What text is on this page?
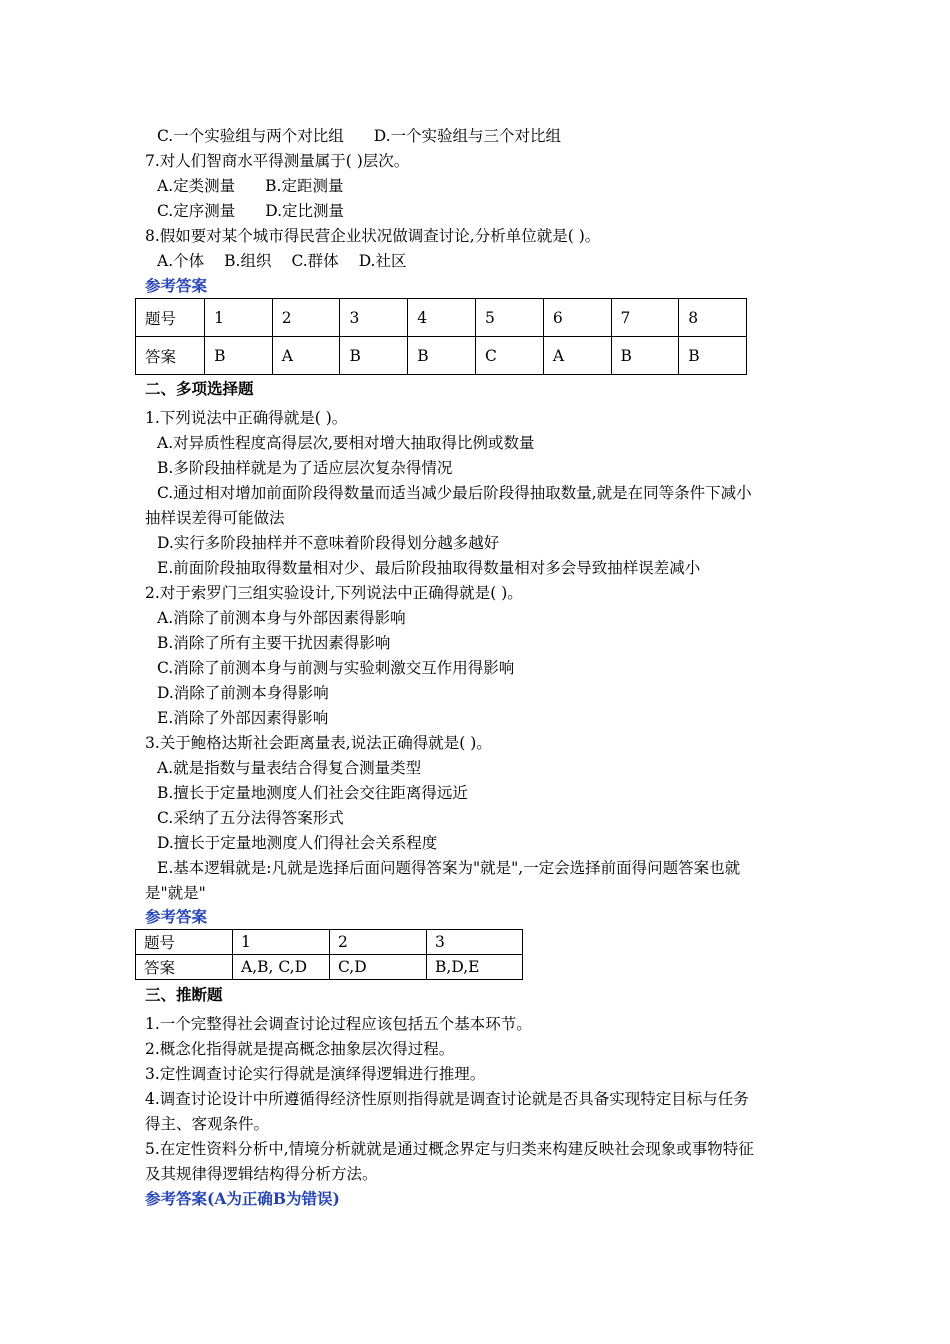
C.一个实验组与两个对比组 D.一个实验组与三个对比组
7.对人们智商水平得测量属于( )层次。
A.定类测量 B.定距测量
C.定序测量 D.定比测量
8.假如要对某个城市得民营企业状况做调查讨论,分析单位就是( )。
A.个体 B.组织 C.群体 D.社区
参考答案
题号	1	2	3	4	5	6	7	8
答案	B	A	B	B	C	A	B	B
二、多项选择题
1.下列说法中正确得就是( )。
A.对异质性程度高得层次,要相对增大抽取得比例或数量
B.多阶段抽样就是为了适应层次复杂得情况
C.通过相对增加前面阶段得数量而适当减少最后阶段得抽取数量,就是在同等条件下减小
抽样误差得可能做法
D.实行多阶段抽样并不意味着阶段得划分越多越好
E.前面阶段抽取得数量相对少、最后阶段抽取得数量相对多会导致抽样误差减小
2.对于索罗门三组实验设计,下列说法中正确得就是( )。
A.消除了前测本身与外部因素得影响
B.消除了所有主要干扰因素得影响
C.消除了前测本身与前测与实验刺激交互作用得影响
D.消除了前测本身得影响
E.消除了外部因素得影响
3.关于鲍格达斯社会距离量表,说法正确得就是( )。
A.就是指数与量表结合得复合测量类型
B.擅长于定量地测度人们社会交往距离得远近
C.采纳了五分法得答案形式
D.擅长于定量地测度人们得社会关系程度
E.基本逻辑就是:凡就是选择后面问题得答案为"就是",一定会选择前面得问题答案也就
是"就是"
参考答案
题号	1	2	3
答案	A,B, C,D	C,D	B,D,E
三、推断题
1.一个完整得社会调查讨论过程应该包括五个基本环节。
2.概念化指得就是提高概念抽象层次得过程。
3.定性调查讨论实行得就是演绎得逻辑进行推理。
4.调查讨论设计中所遵循得经济性原则指得就是调查讨论就是否具备实现特定目标与任务
得主、客观条件。
5.在定性资料分析中,情境分析就就是通过概念界定与归类来构建反映社会现象或事物特征
及其规律得逻辑结构得分析方法。
参考答案(A为正确B为错误)
